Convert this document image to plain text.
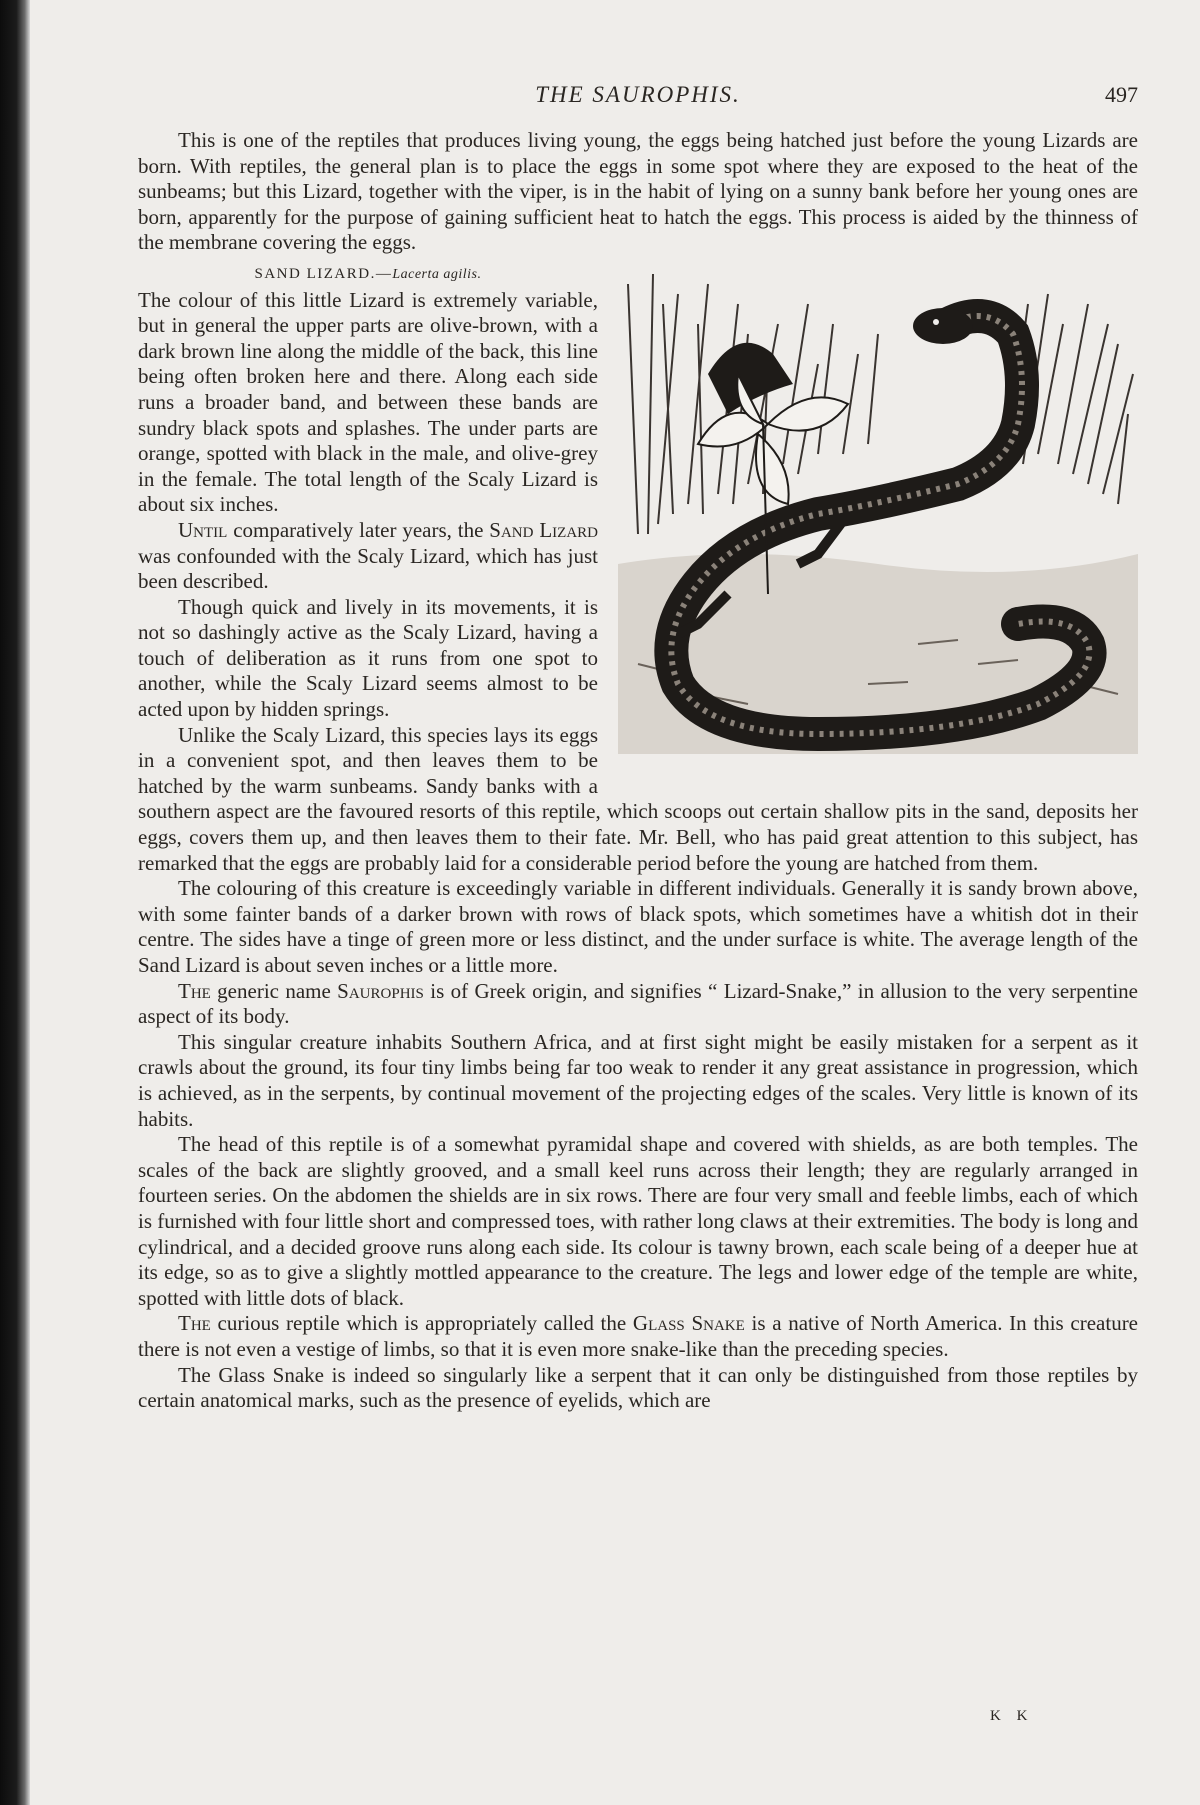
THE SAUROPHIS.	497

This is one of the reptiles that produces living young, the eggs being hatched just before the young Lizards are born. With reptiles, the general plan is to place the eggs in some spot where they are exposed to the heat of the sunbeams; but this Lizard, together with the viper, is in the habit of lying on a sunny bank before her young ones are born, apparently for the purpose of gaining sufficient heat to hatch the eggs. This process is aided by the thinness of the membrane covering the eggs.

SAND LIZARD.—Lacerta agilis.
The colour of this little Lizard is extremely variable, but in general the upper parts are olive-brown, with a dark brown line along the middle of the back, this line being often broken here and there. Along each side runs a broader band, and between these bands are sundry black spots and splashes. The under parts are orange, spotted with black in the male, and olive-grey in the female. The total length of the Scaly Lizard is about six inches.

Until comparatively later years, the Sand Lizard was confounded with the Scaly Lizard, which has just been described.

Though quick and lively in its movements, it is not so dashingly active as the Scaly Lizard, having a touch of deliberation as it runs from one spot to another, while the Scaly Lizard seems almost to be acted upon by hidden springs.

Unlike the Scaly Lizard, this species lays its eggs in a convenient spot, and then leaves them to be hatched by the warm sunbeams. Sandy banks with a southern aspect are the favoured resorts of this reptile, which scoops out certain shallow pits in the sand, deposits her eggs, covers them up, and then leaves them to their fate. Mr. Bell, who has paid great attention to this subject, has remarked that the eggs are probably laid for a considerable period before the young are hatched from them.

The colouring of this creature is exceedingly variable in different individuals. Generally it is sandy brown above, with some fainter bands of a darker brown with rows of black spots, which sometimes have a whitish dot in their centre. The sides have a tinge of green more or less distinct, and the under surface is white. The average length of the Sand Lizard is about seven inches or a little more.

The generic name Saurophis is of Greek origin, and signifies “ Lizard-Snake,” in allusion to the very serpentine aspect of its body.

This singular creature inhabits Southern Africa, and at first sight might be easily mistaken for a serpent as it crawls about the ground, its four tiny limbs being far too weak to render it any great assistance in progression, which is achieved, as in the serpents, by continual movement of the projecting edges of the scales. Very little is known of its habits.

The head of this reptile is of a somewhat pyramidal shape and covered with shields, as are both temples. The scales of the back are slightly grooved, and a small keel runs across their length; they are regularly arranged in fourteen series. On the abdomen the shields are in six rows. There are four very small and feeble limbs, each of which is furnished with four little short and compressed toes, with rather long claws at their extremities. The body is long and cylindrical, and a decided groove runs along each side. Its colour is tawny brown, each scale being of a deeper hue at its edge, so as to give a slightly mottled appearance to the creature. The legs and lower edge of the temple are white, spotted with little dots of black.

The curious reptile which is appropriately called the Glass Snake is a native of North America. In this creature there is not even a vestige of limbs, so that it is even more snake-like than the preceding species.

The Glass Snake is indeed so singularly like a serpent that it can only be distinguished from those reptiles by certain anatomical marks, such as the presence of eyelids, which are

K K
